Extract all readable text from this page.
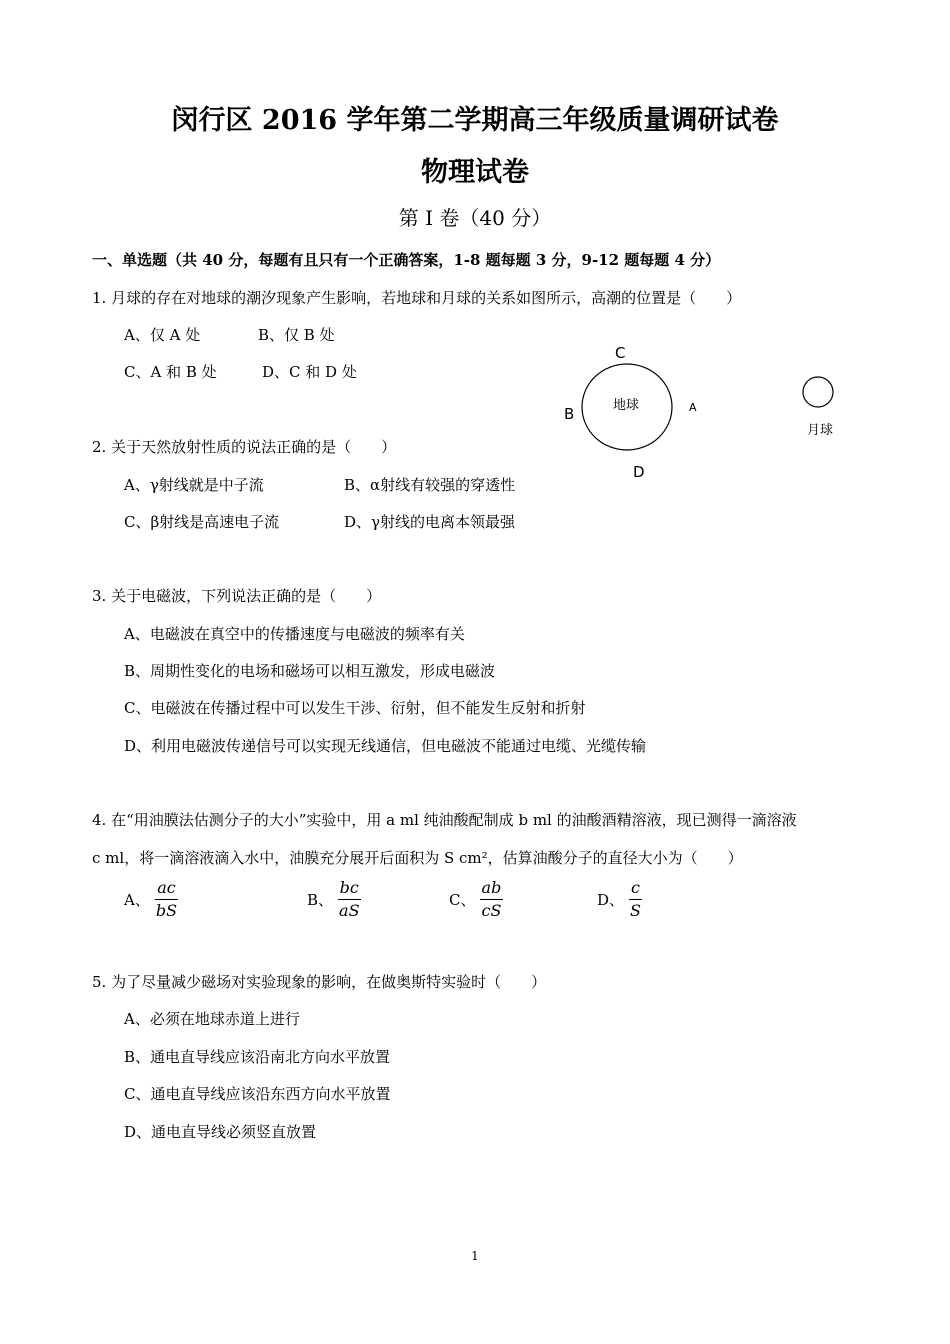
闵行区 2016 学年第二学期高三年级质量调研试卷
物理试卷
第 I 卷（40 分）
一、单选题（共 40 分，每题有且只有一个正确答案，1-8 题每题 3 分，9-12 题每题 4 分）
1. 月球的存在对地球的潮汐现象产生影响，若地球和月球的关系如图所示，高潮的位置是（　　）
A、仅 A 处	B、仅 B 处
C、A 和 B 处	D、C 和 D 处
C
B	A
D
地球
月球
2. 关于天然放射性质的说法正确的是（　　）
A、γ射线就是中子流	B、α射线有较强的穿透性
C、β射线是高速电子流	D、γ射线的电离本领最强
3. 关于电磁波，下列说法正确的是（　　）
A、电磁波在真空中的传播速度与电磁波的频率有关
B、周期性变化的电场和磁场可以相互激发，形成电磁波
C、电磁波在传播过程中可以发生干涉、衍射，但不能发生反射和折射
D、利用电磁波传递信号可以实现无线通信，但电磁波不能通过电缆、光缆传输
4. 在“用油膜法估测分子的大小”实验中，用 a ml 纯油酸配制成 b ml 的油酸酒精溶液，现已测得一滴溶液
c ml，将一滴溶液滴入水中，油膜充分展开后面积为 S cm²，估算油酸分子的直径大小为（　　）
A、 $\frac{ac}{bS}$	B、 $\frac{bc}{aS}$	C、 $\frac{ab}{cS}$	D、 $\frac{c}{S}$
5. 为了尽量减少磁场对实验现象的影响，在做奥斯特实验时（　　）
A、必须在地球赤道上进行
B、通电直导线应该沿南北方向水平放置
C、通电直导线应该沿东西方向水平放置
D、通电直导线必须竖直放置
1
